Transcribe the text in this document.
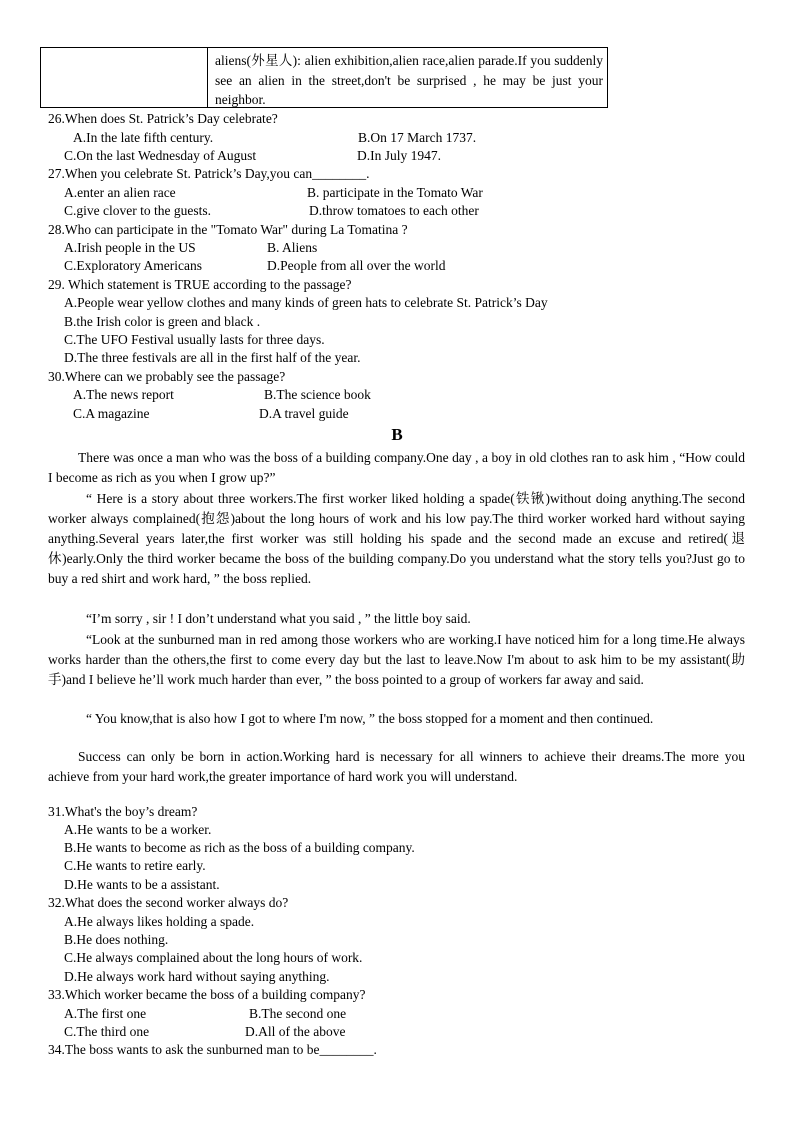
aliens(外星人): alien exhibition,alien race,alien parade.If you suddenly see an alien in the street,don't be surprised , he may be just your neighbor.
26.When does St. Patrick’s Day celebrate?
A.In the late fifth century.	B.On 17 March 1737.
C.On the last Wednesday of August	D.In July 1947.
27.When you celebrate St. Patrick’s Day,you can________.
A.enter an alien race	B. participate in the Tomato War
C.give clover to the guests.	D.throw tomatoes to each other
28.Who can participate in the "Tomato War" during La Tomatina ?
A.Irish people in the US	B. Aliens
C.Exploratory Americans	D.People from all over the world
29. Which statement is TRUE according to the passage?
A.People wear yellow clothes and many kinds of green hats to celebrate St. Patrick’s Day
B.the Irish color is green and black .
C.The UFO Festival usually lasts for three days.
D.The three festivals are all in the first half of the year.
30.Where can we probably see the passage?
A.The news report	B.The science book
C.A magazine	D.A travel guide
B
There was once a man who was the boss of a building company.One day , a boy in old clothes ran to ask him , “How could I become as rich as you when I grow up?”
“ Here is a story about three workers.The first worker liked holding a spade(铁锹)without doing anything.The second worker always complained(抱怨)about the long hours of work and his low pay.The third worker worked hard without saying anything.Several years later,the first worker was still holding his spade and the second made an excuse and retired(退休)early.Only the third worker became the boss of the building company.Do you understand what the story tells you?Just go to buy a red shirt and work hard, ” the boss replied.
“I’m sorry , sir ! I don’t understand what you said , ” the little boy said.
“Look at the sunburned man in red among those workers who are working.I have noticed him for a long time.He always works harder than the others,the first to come every day but the last to leave.Now I'm about to ask him to be my assistant(助手)and I believe he’ll work much harder than ever, ” the boss pointed to a group of workers far away and said.
“ You know,that is also how I got to where I'm now, ” the boss stopped for a moment and then continued.
Success can only be born in action.Working hard is necessary for all winners to achieve their dreams.The more you achieve from your hard work,the greater importance of hard work you will understand.
31.What's the boy’s dream?
A.He wants to be a worker.
B.He wants to become as rich as the boss of a building company.
C.He wants to retire early.
D.He wants to be a assistant.
32.What does the second worker always do?
A.He always likes holding a spade.
B.He does nothing.
C.He always complained about the long hours of work.
D.He always work hard without saying anything.
33.Which worker became the boss of a building company?
A.The first one	B.The second one
C.The third one	D.All of the above
34.The boss wants to ask the sunburned man to be________.
